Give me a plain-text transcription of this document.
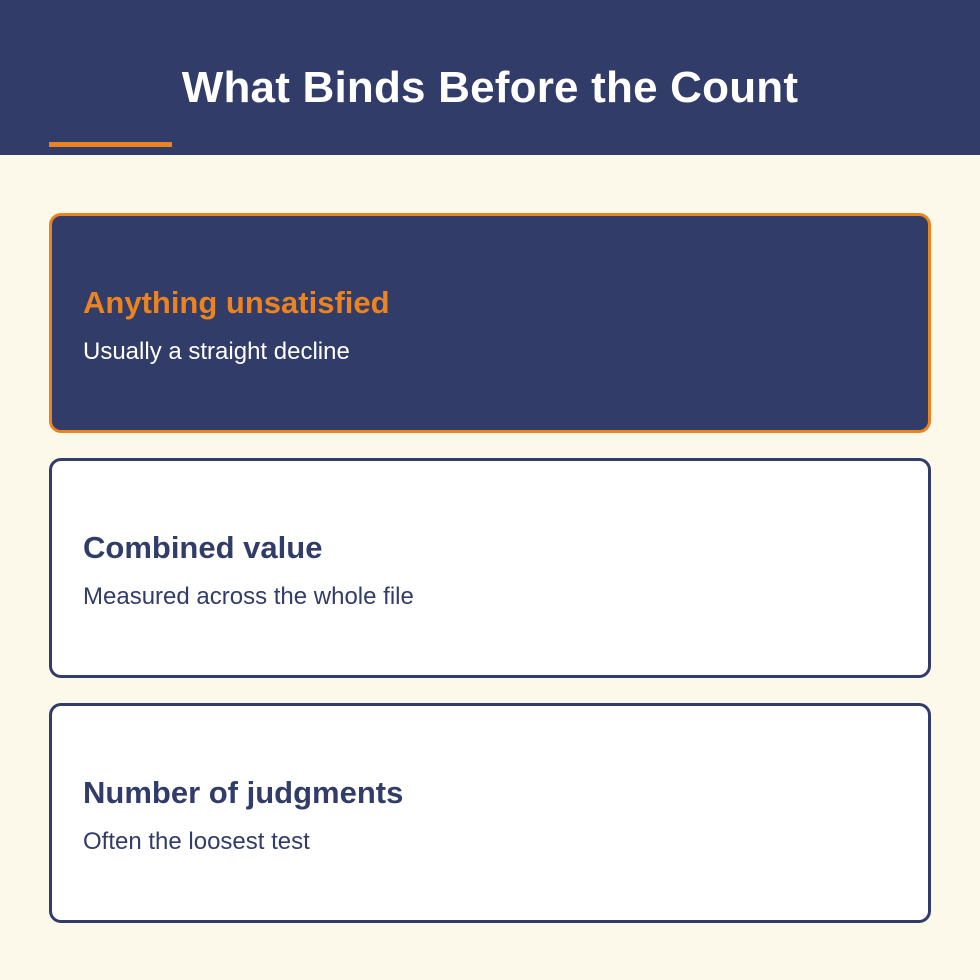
What Binds Before the Count
Anything unsatisfied
Usually a straight decline
Combined value
Measured across the whole file
Number of judgments
Often the loosest test
